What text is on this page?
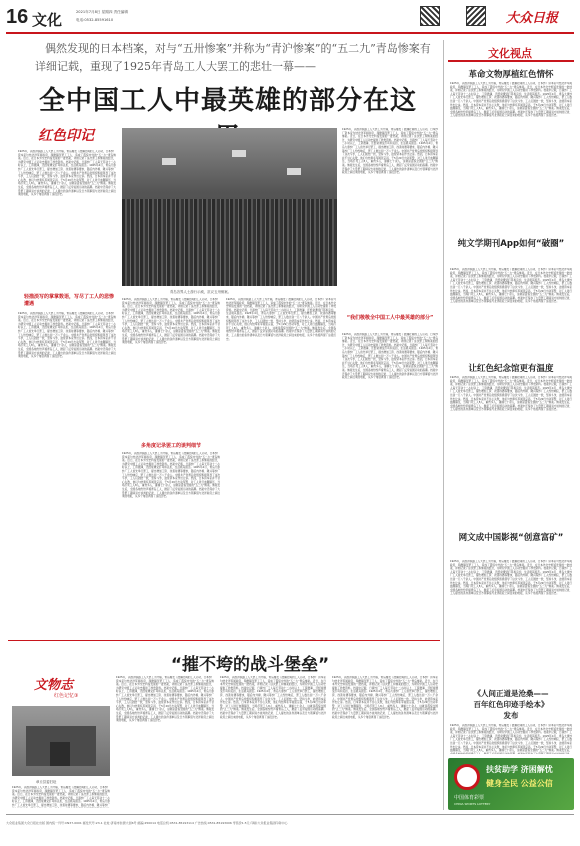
16 文化	2021年7月8日 星期四 责任编辑
电话:0532-85591610	大众日报
偶然发现的日本档案，对与“五卅惨案”并称为“青沪惨案”的“五二九”青岛惨案有
详细记载，重现了1925年青岛工人大罢工的悲壮一幕——
全中国工人中最英雄的部分在这
红色印记
1925年，以胶济铁路工人大罢工为开端，青岛爆发了波澜壮阔的工人运动，日本纱厂资本家勾结北洋军阀政府，残酷镇压罢工工人，造成了震惊中外的“五二九”青岛惨案。近日，在日本外交史料馆发现的一批档案，详细记录了这次罢工和惨案的经过，为研究中国工人运动史提供了珍贵资料。档案中记载，日商纱厂工人每天劳动十二小时以上，工资微薄，还经常遭受打骂和克扣，生活极其困苦。1925年4月，青岛大康纱厂工人首先举行罢工，提出增加工资、改善待遇等要求，随后内外棉、隆兴等纱厂工人纷纷响应，罢工人数达到一万八千余人。中国共产党青岛党组织积极领导了这次斗争，工人们团结一致，坚持斗争，迫使资本家作出让步。然而，日本资本家并不甘心失败，他们勾结奉系军阀张宗昌，于5月29日出动军警，对工人进行血腥镇压，当场打死工人8人，重伤多人，逮捕七十余人，这就是震惊全国的“五二九”惨案。惨案发生后，全国各地纷纷声援青岛工人，掀起了反帝爱国运动的高潮。档案中还保存了大量罢工期间双方谈判的记录、工人提出的条件清单以及日方领事馆与北洋政府之间往来的电报，从多个角度再现了这段历史。
轻描淡写的掌掌数语，写尽了工人的悲惨遭遇
1925年，以胶济铁路工人大罢工为开端，青岛爆发了波澜壮阔的工人运动，日本纱厂资本家勾结北洋军阀政府，残酷镇压罢工工人，造成了震惊中外的“五二九”青岛惨案。近日，在日本外交史料馆发现的一批档案，详细记录了这次罢工和惨案的经过，为研究中国工人运动史提供了珍贵资料。档案中记载，日商纱厂工人每天劳动十二小时以上，工资微薄，还经常遭受打骂和克扣，生活极其困苦。1925年4月，青岛大康纱厂工人首先举行罢工，提出增加工资、改善待遇等要求，随后内外棉、隆兴等纱厂工人纷纷响应，罢工人数达到一万八千余人。中国共产党青岛党组织积极领导了这次斗争，工人们团结一致，坚持斗争，迫使资本家作出让步。然而，日本资本家并不甘心失败，他们勾结奉系军阀张宗昌，于5月29日出动军警，对工人进行血腥镇压，当场打死工人8人，重伤多人，逮捕七十余人，这就是震惊全国的“五二九”惨案。惨案发生后，全国各地纷纷声援青岛工人，掀起了反帝爱国运动的高潮。档案中还保存了大量罢工期间双方谈判的记录、工人提出的条件清单以及日方领事馆与北洋政府之间往来的电报，从多个角度再现了这段历史。
青岛各界人士游行示威，抗议五卅惨案。
1925年，以胶济铁路工人大罢工为开端，青岛爆发了波澜壮阔的工人运动，日本纱厂资本家勾结北洋军阀政府，残酷镇压罢工工人，造成了震惊中外的“五二九”青岛惨案。近日，在日本外交史料馆发现的一批档案，详细记录了这次罢工和惨案的经过，为研究中国工人运动史提供了珍贵资料。档案中记载，日商纱厂工人每天劳动十二小时以上，工资微薄，还经常遭受打骂和克扣，生活极其困苦。1925年4月，青岛大康纱厂工人首先举行罢工，提出增加工资、改善待遇等要求，随后内外棉、隆兴等纱厂工人纷纷响应，罢工人数达到一万八千余人。中国共产党青岛党组织积极领导了这次斗争，工人们团结一致，坚持斗争，迫使资本家作出让步。然而，日本资本家并不甘心失败，他们勾结奉系军阀张宗昌，于5月29日出动军警，对工人进行血腥镇压，当场打死工人8人，重伤多人，逮捕七十余人，这就是震惊全国的“五二九”惨案。惨案发生后，全国各地纷纷声援青岛工人，掀起了反帝爱国运动的高潮。档案中还保存了大量罢工期间双方谈判的记录、工人提出的条件清单以及日方领事馆与北洋政府之间往来的电报，从多个角度再现了这段历史。
多角度记录罢工的谈判细节
1925年，以胶济铁路工人大罢工为开端，青岛爆发了波澜壮阔的工人运动，日本纱厂资本家勾结北洋军阀政府，残酷镇压罢工工人，造成了震惊中外的“五二九”青岛惨案。近日，在日本外交史料馆发现的一批档案，详细记录了这次罢工和惨案的经过，为研究中国工人运动史提供了珍贵资料。档案中记载，日商纱厂工人每天劳动十二小时以上，工资微薄，还经常遭受打骂和克扣，生活极其困苦。1925年4月，青岛大康纱厂工人首先举行罢工，提出增加工资、改善待遇等要求，随后内外棉、隆兴等纱厂工人纷纷响应，罢工人数达到一万八千余人。中国共产党青岛党组织积极领导了这次斗争，工人们团结一致，坚持斗争，迫使资本家作出让步。然而，日本资本家并不甘心失败，他们勾结奉系军阀张宗昌，于5月29日出动军警，对工人进行血腥镇压，当场打死工人8人，重伤多人，逮捕七十余人，这就是震惊全国的“五二九”惨案。惨案发生后，全国各地纷纷声援青岛工人，掀起了反帝爱国运动的高潮。档案中还保存了大量罢工期间双方谈判的记录、工人提出的条件清单以及日方领事馆与北洋政府之间往来的电报，从多个角度再现了这段历史。
1925年，以胶济铁路工人大罢工为开端，青岛爆发了波澜壮阔的工人运动，日本纱厂资本家勾结北洋军阀政府，残酷镇压罢工工人，造成了震惊中外的“五二九”青岛惨案。近日，在日本外交史料馆发现的一批档案，详细记录了这次罢工和惨案的经过，为研究中国工人运动史提供了珍贵资料。档案中记载，日商纱厂工人每天劳动十二小时以上，工资微薄，还经常遭受打骂和克扣，生活极其困苦。1925年4月，青岛大康纱厂工人首先举行罢工，提出增加工资、改善待遇等要求，随后内外棉、隆兴等纱厂工人纷纷响应，罢工人数达到一万八千余人。中国共产党青岛党组织积极领导了这次斗争，工人们团结一致，坚持斗争，迫使资本家作出让步。然而，日本资本家并不甘心失败，他们勾结奉系军阀张宗昌，于5月29日出动军警，对工人进行血腥镇压，当场打死工人8人，重伤多人，逮捕七十余人，这就是震惊全国的“五二九”惨案。惨案发生后，全国各地纷纷声援青岛工人，掀起了反帝爱国运动的高潮。档案中还保存了大量罢工期间双方谈判的记录、工人提出的条件清单以及日方领事馆与北洋政府之间往来的电报，从多个角度再现了这段历史。
1925年，以胶济铁路工人大罢工为开端，青岛爆发了波澜壮阔的工人运动，日本纱厂资本家勾结北洋军阀政府，残酷镇压罢工工人，造成了震惊中外的“五二九”青岛惨案。近日，在日本外交史料馆发现的一批档案，详细记录了这次罢工和惨案的经过，为研究中国工人运动史提供了珍贵资料。档案中记载，日商纱厂工人每天劳动十二小时以上，工资微薄，还经常遭受打骂和克扣，生活极其困苦。1925年4月，青岛大康纱厂工人首先举行罢工，提出增加工资、改善待遇等要求，随后内外棉、隆兴等纱厂工人纷纷响应，罢工人数达到一万八千余人。中国共产党青岛党组织积极领导了这次斗争，工人们团结一致，坚持斗争，迫使资本家作出让步。然而，日本资本家并不甘心失败，他们勾结奉系军阀张宗昌，于5月29日出动军警，对工人进行血腥镇压，当场打死工人8人，重伤多人，逮捕七十余人，这就是震惊全国的“五二九”惨案。惨案发生后，全国各地纷纷声援青岛工人，掀起了反帝爱国运动的高潮。档案中还保存了大量罢工期间双方谈判的记录、工人提出的条件清单以及日方领事馆与北洋政府之间往来的电报，从多个角度再现了这段历史。
“我们敬敬全中国工人中最英雄的部分”
1925年，以胶济铁路工人大罢工为开端，青岛爆发了波澜壮阔的工人运动，日本纱厂资本家勾结北洋军阀政府，残酷镇压罢工工人，造成了震惊中外的“五二九”青岛惨案。近日，在日本外交史料馆发现的一批档案，详细记录了这次罢工和惨案的经过，为研究中国工人运动史提供了珍贵资料。档案中记载，日商纱厂工人每天劳动十二小时以上，工资微薄，还经常遭受打骂和克扣，生活极其困苦。1925年4月，青岛大康纱厂工人首先举行罢工，提出增加工资、改善待遇等要求，随后内外棉、隆兴等纱厂工人纷纷响应，罢工人数达到一万八千余人。中国共产党青岛党组织积极领导了这次斗争，工人们团结一致，坚持斗争，迫使资本家作出让步。然而，日本资本家并不甘心失败，他们勾结奉系军阀张宗昌，于5月29日出动军警，对工人进行血腥镇压，当场打死工人8人，重伤多人，逮捕七十余人，这就是震惊全国的“五二九”惨案。惨案发生后，全国各地纷纷声援青岛工人，掀起了反帝爱国运动的高潮。档案中还保存了大量罢工期间双方谈判的记录、工人提出的条件清单以及日方领事馆与北洋政府之间往来的电报，从多个角度再现了这段历史。
文化视点
革命文物厚植红色情怀
1925年，以胶济铁路工人大罢工为开端，青岛爆发了波澜壮阔的工人运动，日本纱厂资本家勾结北洋军阀政府，残酷镇压罢工工人，造成了震惊中外的“五二九”青岛惨案。近日，在日本外交史料馆发现的一批档案，详细记录了这次罢工和惨案的经过，为研究中国工人运动史提供了珍贵资料。档案中记载，日商纱厂工人每天劳动十二小时以上，工资微薄，还经常遭受打骂和克扣，生活极其困苦。1925年4月，青岛大康纱厂工人首先举行罢工，提出增加工资、改善待遇等要求，随后内外棉、隆兴等纱厂工人纷纷响应，罢工人数达到一万八千余人。中国共产党青岛党组织积极领导了这次斗争，工人们团结一致，坚持斗争，迫使资本家作出让步。然而，日本资本家并不甘心失败，他们勾结奉系军阀张宗昌，于5月29日出动军警，对工人进行血腥镇压，当场打死工人8人，重伤多人，逮捕七十余人，这就是震惊全国的“五二九”惨案。惨案发生后，全国各地纷纷声援青岛工人，掀起了反帝爱国运动的高潮。档案中还保存了大量罢工期间双方谈判的记录、工人提出的条件清单以及日方领事馆与北洋政府之间往来的电报，从多个角度再现了这段历史。
纯文学期刊App如何“破圈”
1925年，以胶济铁路工人大罢工为开端，青岛爆发了波澜壮阔的工人运动，日本纱厂资本家勾结北洋军阀政府，残酷镇压罢工工人，造成了震惊中外的“五二九”青岛惨案。近日，在日本外交史料馆发现的一批档案，详细记录了这次罢工和惨案的经过，为研究中国工人运动史提供了珍贵资料。档案中记载，日商纱厂工人每天劳动十二小时以上，工资微薄，还经常遭受打骂和克扣，生活极其困苦。1925年4月，青岛大康纱厂工人首先举行罢工，提出增加工资、改善待遇等要求，随后内外棉、隆兴等纱厂工人纷纷响应，罢工人数达到一万八千余人。中国共产党青岛党组织积极领导了这次斗争，工人们团结一致，坚持斗争，迫使资本家作出让步。然而，日本资本家并不甘心失败，他们勾结奉系军阀张宗昌，于5月29日出动军警，对工人进行血腥镇压，当场打死工人8人，重伤多人，逮捕七十余人，这就是震惊全国的“五二九”惨案。惨案发生后，全国各地纷纷声援青岛工人，掀起了反帝爱国运动的高潮。档案中还保存了大量罢工期间双方谈判的记录、工人提出的条件清单以及日方领事馆与北洋政府之间往来的电报，从多个角度再现了这段历史。
让红色纪念馆更有温度
1925年，以胶济铁路工人大罢工为开端，青岛爆发了波澜壮阔的工人运动，日本纱厂资本家勾结北洋军阀政府，残酷镇压罢工工人，造成了震惊中外的“五二九”青岛惨案。近日，在日本外交史料馆发现的一批档案，详细记录了这次罢工和惨案的经过，为研究中国工人运动史提供了珍贵资料。档案中记载，日商纱厂工人每天劳动十二小时以上，工资微薄，还经常遭受打骂和克扣，生活极其困苦。1925年4月，青岛大康纱厂工人首先举行罢工，提出增加工资、改善待遇等要求，随后内外棉、隆兴等纱厂工人纷纷响应，罢工人数达到一万八千余人。中国共产党青岛党组织积极领导了这次斗争，工人们团结一致，坚持斗争，迫使资本家作出让步。然而，日本资本家并不甘心失败，他们勾结奉系军阀张宗昌，于5月29日出动军警，对工人进行血腥镇压，当场打死工人8人，重伤多人，逮捕七十余人，这就是震惊全国的“五二九”惨案。惨案发生后，全国各地纷纷声援青岛工人，掀起了反帝爱国运动的高潮。档案中还保存了大量罢工期间双方谈判的记录、工人提出的条件清单以及日方领事馆与北洋政府之间往来的电报，从多个角度再现了这段历史。
网文成中国影视“创意富矿”
1925年，以胶济铁路工人大罢工为开端，青岛爆发了波澜壮阔的工人运动，日本纱厂资本家勾结北洋军阀政府，残酷镇压罢工工人，造成了震惊中外的“五二九”青岛惨案。近日，在日本外交史料馆发现的一批档案，详细记录了这次罢工和惨案的经过，为研究中国工人运动史提供了珍贵资料。档案中记载，日商纱厂工人每天劳动十二小时以上，工资微薄，还经常遭受打骂和克扣，生活极其困苦。1925年4月，青岛大康纱厂工人首先举行罢工，提出增加工资、改善待遇等要求，随后内外棉、隆兴等纱厂工人纷纷响应，罢工人数达到一万八千余人。中国共产党青岛党组织积极领导了这次斗争，工人们团结一致，坚持斗争，迫使资本家作出让步。然而，日本资本家并不甘心失败，他们勾结奉系军阀张宗昌，于5月29日出动军警，对工人进行血腥镇压，当场打死工人8人，重伤多人，逮捕七十余人，这就是震惊全国的“五二九”惨案。惨案发生后，全国各地纷纷声援青岛工人，掀起了反帝爱国运动的高潮。档案中还保存了大量罢工期间双方谈判的记录、工人提出的条件清单以及日方领事馆与北洋政府之间往来的电报，从多个角度再现了这段历史。
《人间正道是沧桑——
百年红色印迹手绘本》
发布
1925年，以胶济铁路工人大罢工为开端，青岛爆发了波澜壮阔的工人运动，日本纱厂资本家勾结北洋军阀政府，残酷镇压罢工工人，造成了震惊中外的“五二九”青岛惨案。近日，在日本外交史料馆发现的一批档案，详细记录了这次罢工和惨案的经过，为研究中国工人运动史提供了珍贵资料。档案中记载，日商纱厂工人每天劳动十二小时以上，工资微薄，还经常遭受打骂和克扣，生活极其困苦。1925年4月，青岛大康纱厂工人首先举行罢工，提出增加工资、改善待遇等要求，随后内外棉、隆兴等纱厂工人纷纷响应，罢工人数达到一万八千余人。中国共产党青岛党组织积极领导了这次斗争，工人们团结一致，坚持斗争，迫使资本家作出让步。然而，日本资本家并不甘心失败，他们勾结奉系军阀张宗昌，于5月29日出动军警，对工人进行血腥镇压，当场打死工人8人，重伤多人，逮捕七十余人，这就是震惊全国的“五二九”惨案。惨案发生后，
扶贫助学 济困解忧
健身全民 公益公信
中国体育彩票
CHINA SPORTS LOTTERY
“摧不垮的战斗堡垒”
文物志
红色记忆③
章丘县委旧址
1925年，以胶济铁路工人大罢工为开端，青岛爆发了波澜壮阔的工人运动，日本纱厂资本家勾结北洋军阀政府，残酷镇压罢工工人，造成了震惊中外的“五二九”青岛惨案。近日，在日本外交史料馆发现的一批档案，详细记录了这次罢工和惨案的经过，为研究中国工人运动史提供了珍贵资料。档案中记载，日商纱厂工人每天劳动十二小时以上，工资微薄，还经常遭受打骂和克扣，生活极其困苦。1925年4月，青岛大康纱厂工人首先举行罢工，提出增加工资、改善待遇等要求，随后内外棉、隆兴等纱厂
1925年，以胶济铁路工人大罢工为开端，青岛爆发了波澜壮阔的工人运动，日本纱厂资本家勾结北洋军阀政府，残酷镇压罢工工人，造成了震惊中外的“五二九”青岛惨案。近日，在日本外交史料馆发现的一批档案，详细记录了这次罢工和惨案的经过，为研究中国工人运动史提供了珍贵资料。档案中记载，日商纱厂工人每天劳动十二小时以上，工资微薄，还经常遭受打骂和克扣，生活极其困苦。1925年4月，青岛大康纱厂工人首先举行罢工，提出增加工资、改善待遇等要求，随后内外棉、隆兴等纱厂工人纷纷响应，罢工人数达到一万八千余人。中国共产党青岛党组织积极领导了这次斗争，工人们团结一致，坚持斗争，迫使资本家作出让步。然而，日本资本家并不甘心失败，他们勾结奉系军阀张宗昌，于5月29日出动军警，对工人进行血腥镇压，当场打死工人8人，重伤多人，逮捕七十余人，这就是震惊全国的“五二九”惨案。惨案发生后，全国各地纷纷声援青岛工人，掀起了反帝爱国运动的高潮。档案中还保存了大量罢工期间双方谈判的记录、工人提出的条件清单以及日方领事馆与北洋政府之间往来的电报，从多个角度再现了这段历史。
1925年，以胶济铁路工人大罢工为开端，青岛爆发了波澜壮阔的工人运动，日本纱厂资本家勾结北洋军阀政府，残酷镇压罢工工人，造成了震惊中外的“五二九”青岛惨案。近日，在日本外交史料馆发现的一批档案，详细记录了这次罢工和惨案的经过，为研究中国工人运动史提供了珍贵资料。档案中记载，日商纱厂工人每天劳动十二小时以上，工资微薄，还经常遭受打骂和克扣，生活极其困苦。1925年4月，青岛大康纱厂工人首先举行罢工，提出增加工资、改善待遇等要求，随后内外棉、隆兴等纱厂工人纷纷响应，罢工人数达到一万八千余人。中国共产党青岛党组织积极领导了这次斗争，工人们团结一致，坚持斗争，迫使资本家作出让步。然而，日本资本家并不甘心失败，他们勾结奉系军阀张宗昌，于5月29日出动军警，对工人进行血腥镇压，当场打死工人8人，重伤多人，逮捕七十余人，这就是震惊全国的“五二九”惨案。惨案发生后，全国各地纷纷声援青岛工人，掀起了反帝爱国运动的高潮。档案中还保存了大量罢工期间双方谈判的记录、工人提出的条件清单以及日方领事馆与北洋政府之间往来的电报，从多个角度再现了这段历史。
1925年，以胶济铁路工人大罢工为开端，青岛爆发了波澜壮阔的工人运动，日本纱厂资本家勾结北洋军阀政府，残酷镇压罢工工人，造成了震惊中外的“五二九”青岛惨案。近日，在日本外交史料馆发现的一批档案，详细记录了这次罢工和惨案的经过，为研究中国工人运动史提供了珍贵资料。档案中记载，日商纱厂工人每天劳动十二小时以上，工资微薄，还经常遭受打骂和克扣，生活极其困苦。1925年4月，青岛大康纱厂工人首先举行罢工，提出增加工资、改善待遇等要求，随后内外棉、隆兴等纱厂工人纷纷响应，罢工人数达到一万八千余人。中国共产党青岛党组织积极领导了这次斗争，工人们团结一致，坚持斗争，迫使资本家作出让步。然而，日本资本家并不甘心失败，他们勾结奉系军阀张宗昌，于5月29日出动军警，对工人进行血腥镇压，当场打死工人8人，重伤多人，逮捕七十余人，这就是震惊全国的“五二九”惨案。惨案发生后，全国各地纷纷声援青岛工人，掀起了反帝爱国运动的高潮。档案中还保存了大量罢工期间双方谈判的记录、工人提出的条件清单以及日方领事馆与北洋政府之间往来的电报，从多个角度再现了这段历史。
大众报业集团大众日报社出版 国内统一刊号:CN37-0001 邮发代号:23-1 社址:济南市泺源大街6号 邮编:250014 电话总机:0531-85193114 广告热线:0531-85193006 零售价1.5元 印刷:大众报业集团印务中心
